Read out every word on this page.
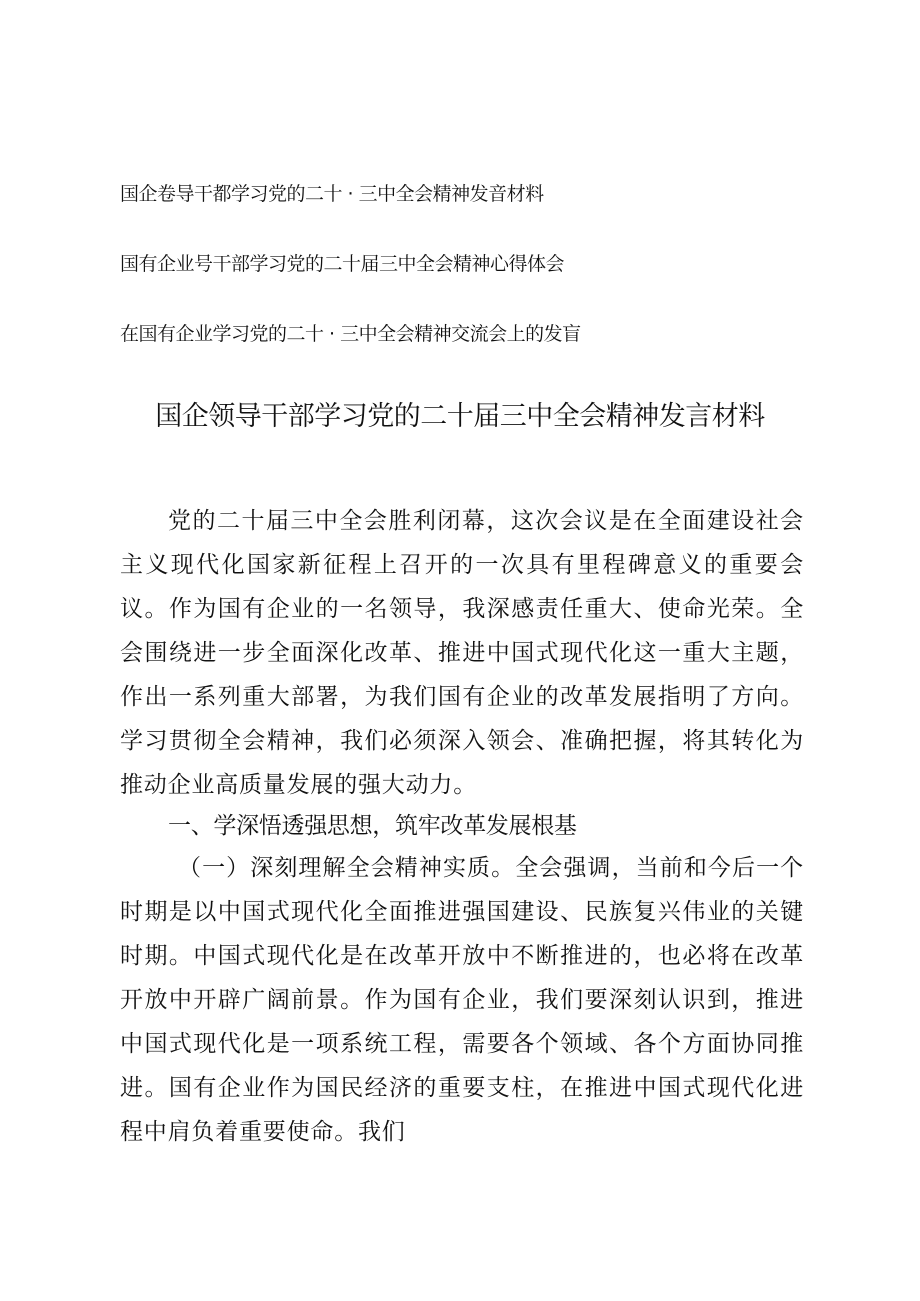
国企卷导干都学习党的二十 · 三中全会精神发音材料
国有企业号干部学习党的二十届三中全会精神心得体会
在国有企业学习党的二十 · 三中全会精神交流会上的发盲
国企领导干部学习党的二十届三中全会精神发言材料

党的二十届三中全会胜利闭幕，这次会议是在全面建设社会主义现代化国家新征程上召开的一次具有里程碑意义的重要会议。作为国有企业的一名领导，我深感责任重大、使命光荣。全会围绕进一步全面深化改革、推进中国式现代化这一重大主题，作出一系列重大部署，为我们国有企业的改革发展指明了方向。学习贯彻全会精神，我们必须深入领会、准确把握，将其转化为推动企业高质量发展的强大动力。

一、学深悟透强思想，筑牢改革发展根基

（一）深刻理解全会精神实质。全会强调，当前和今后一个时期是以中国式现代化全面推进强国建设、民族复兴伟业的关键时期。中国式现代化是在改革开放中不断推进的，也必将在改革开放中开辟广阔前景。作为国有企业，我们要深刻认识到，推进中国式现代化是一项系统工程，需要各个领域、各个方面协同推进。国有企业作为国民经济的重要支柱，在推进中国式现代化进程中肩负着重要使命。我们
